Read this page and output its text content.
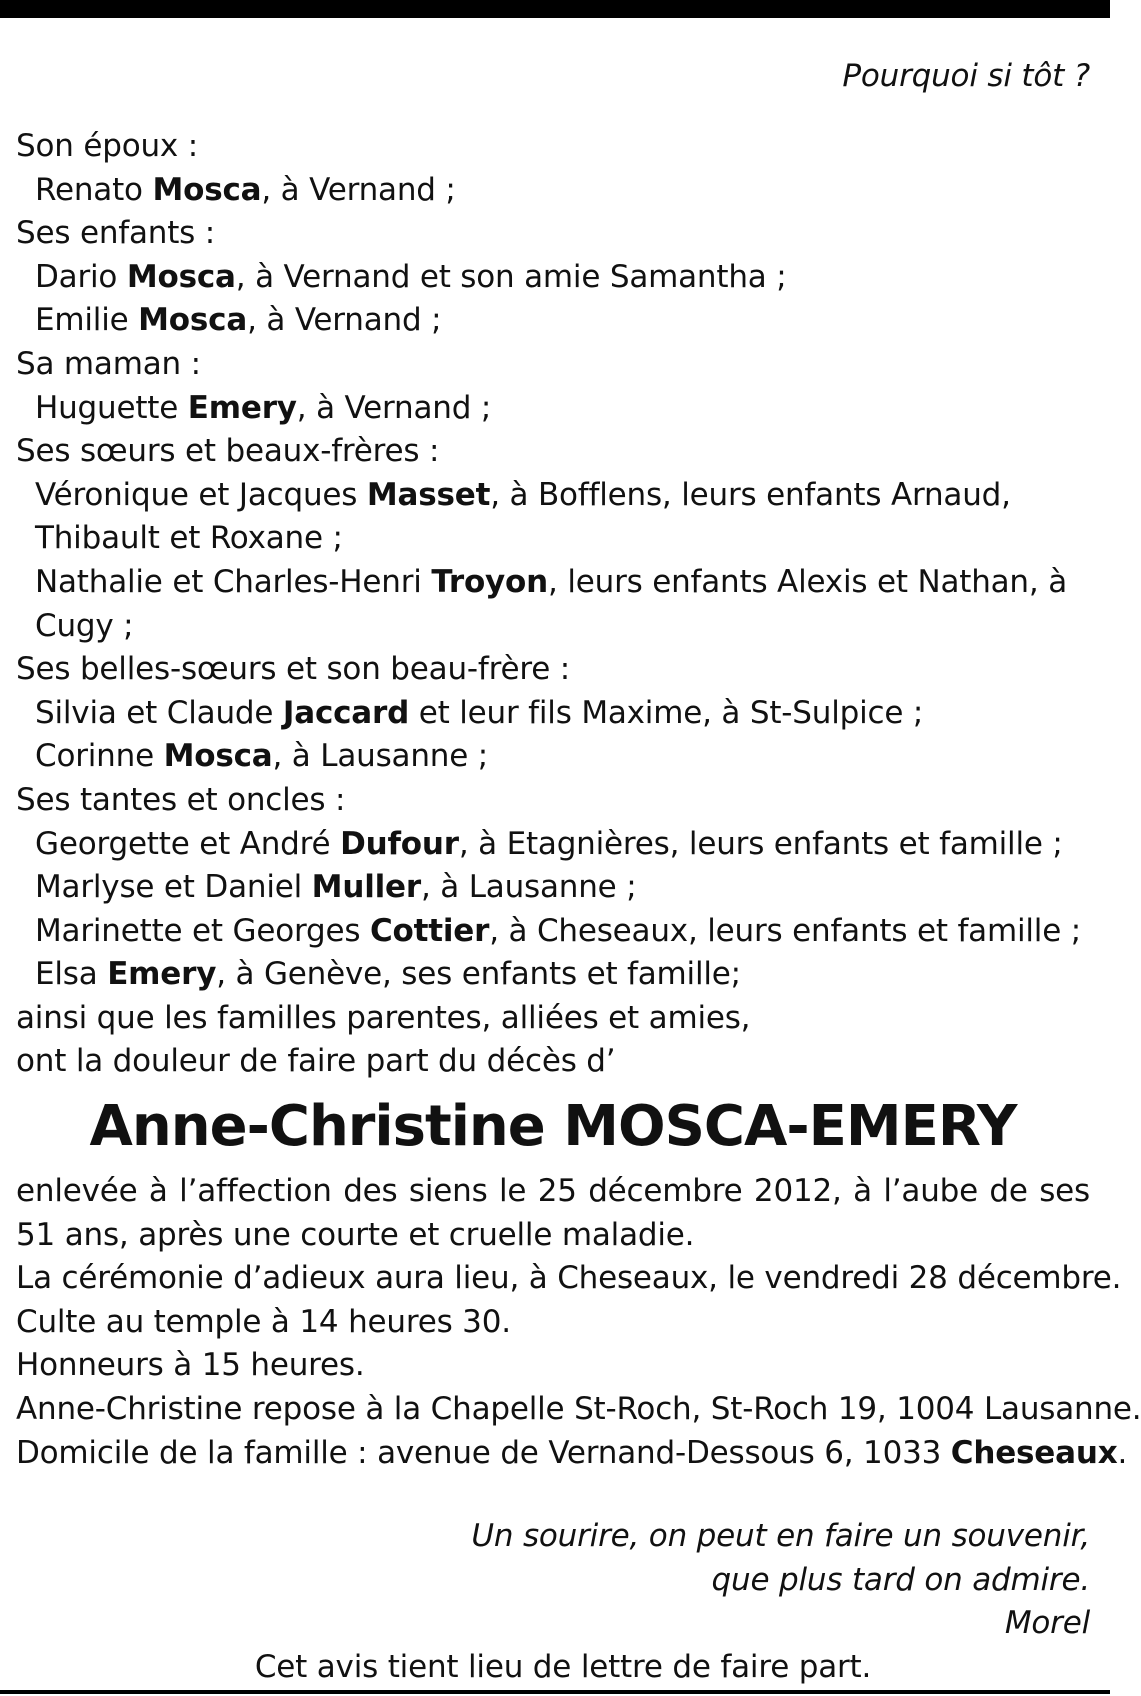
Pourquoi si tôt ?
Son époux :
Renato Mosca, à Vernand ;
Ses enfants :
Dario Mosca, à Vernand et son amie Samantha ;
Emilie Mosca, à Vernand ;
Sa maman :
Huguette Emery, à Vernand ;
Ses sœurs et beaux-frères :
Véronique et Jacques Masset, à Bofflens, leurs enfants Arnaud,
Thibault et Roxane ;
Nathalie et Charles-Henri Troyon, leurs enfants Alexis et Nathan, à
Cugy ;
Ses belles-sœurs et son beau-frère :
Silvia et Claude Jaccard et leur fils Maxime, à St-Sulpice ;
Corinne Mosca, à Lausanne ;
Ses tantes et oncles :
Georgette et André Dufour, à Etagnières, leurs enfants et famille ;
Marlyse et Daniel Muller, à Lausanne ;
Marinette et Georges Cottier, à Cheseaux, leurs enfants et famille ;
Elsa Emery, à Genève, ses enfants et famille;
ainsi que les familles parentes, alliées et amies,
ont la douleur de faire part du décès d’
Anne-Christine MOSCA-EMERY
enlevée à l’affection des siens le 25 décembre 2012, à l’aube de ses 51 ans, après une courte et cruelle maladie.
La cérémonie d’adieux aura lieu, à Cheseaux, le vendredi 28 décembre.
Culte au temple à 14 heures 30.
Honneurs à 15 heures.
Anne-Christine repose à la Chapelle St-Roch, St-Roch 19, 1004 Lausanne.
Domicile de la famille : avenue de Vernand-Dessous 6, 1033 Cheseaux.
Un sourire, on peut en faire un souvenir,
que plus tard on admire.
Morel
Cet avis tient lieu de lettre de faire part.
